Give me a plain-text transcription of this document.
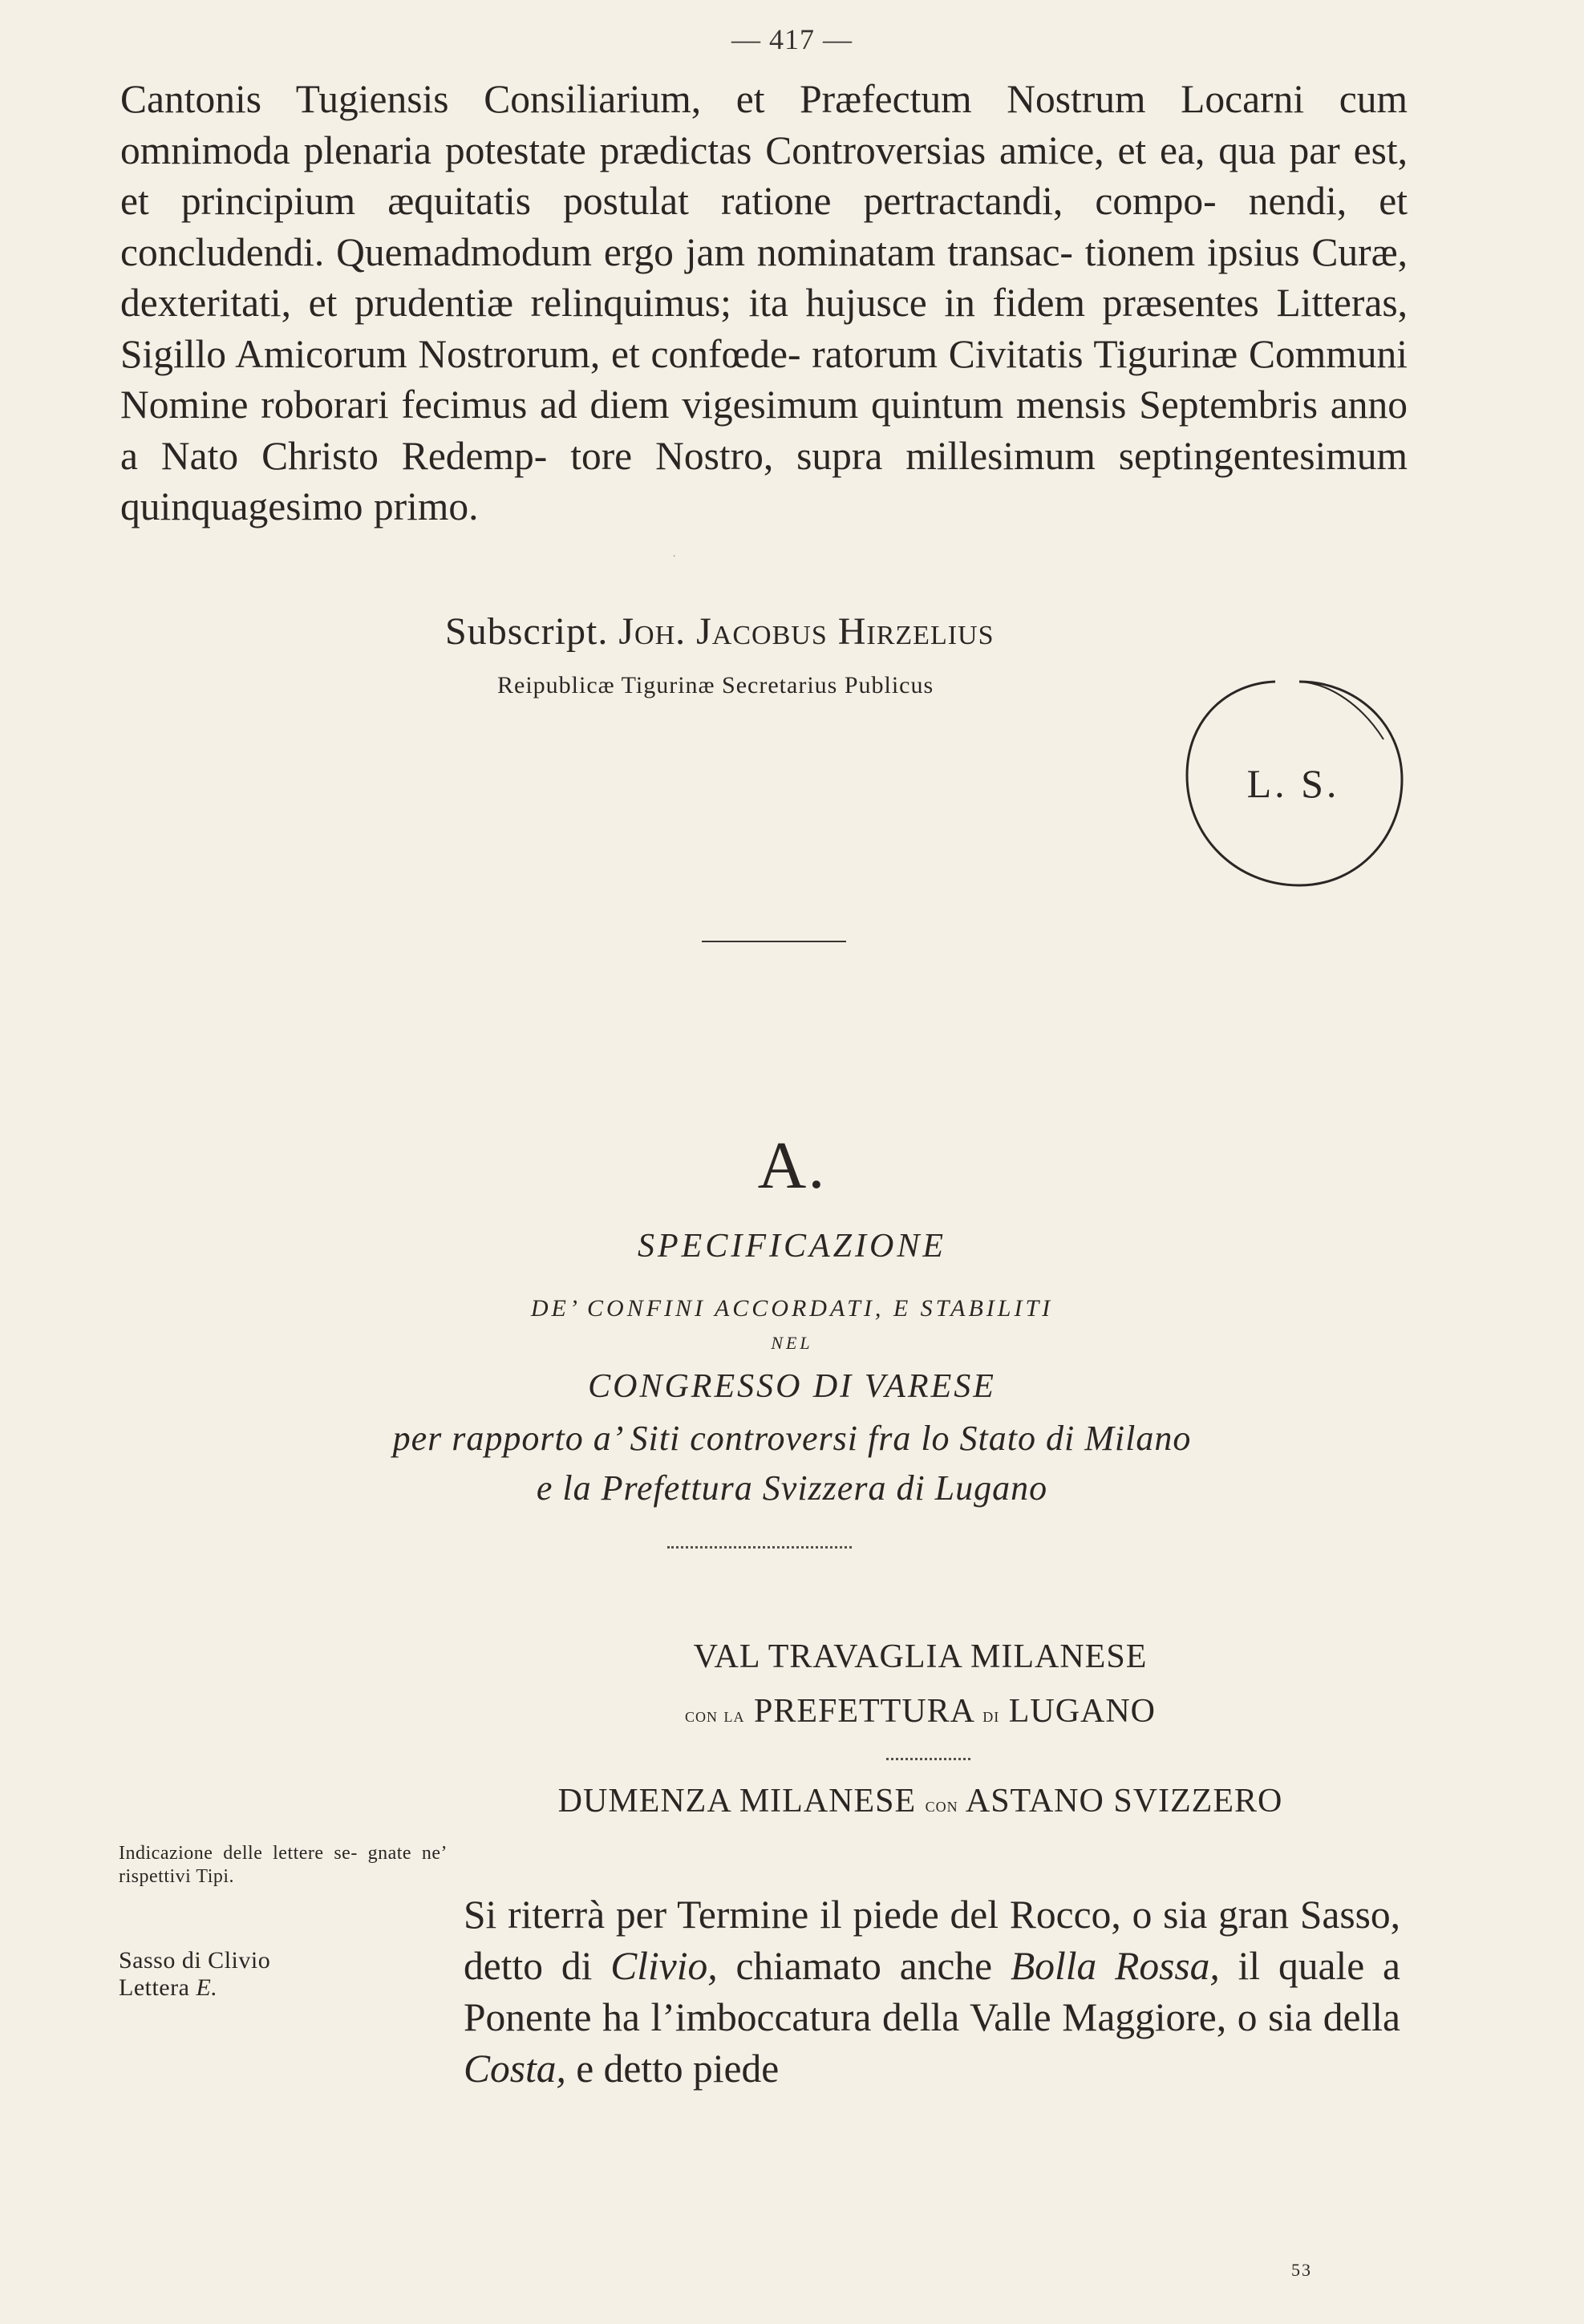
— 417 —
Cantonis Tugiensis Consiliarium, et Præfectum Nostrum Locarni cum omnimoda plenaria potestate prædictas Controversias amice, et ea, qua par est, et principium æquitatis postulat ratione pertractandi, compo- nendi, et concludendi. Quemadmodum ergo jam nominatam transac- tionem ipsius Curæ, dexteritati, et prudentiæ relinquimus; ita hujusce in fidem præsentes Litteras, Sigillo Amicorum Nostrorum, et confœde- ratorum Civitatis Tigurinæ Communi Nomine roborari fecimus ad diem vigesimum quintum mensis Septembris anno a Nato Christo Redemp- tore Nostro, supra millesimum septingentesimum quinquagesimo primo.
˙
Subscript. Joh. Jacobus Hirzelius
Reipublicæ Tigurinæ Secretarius Publicus
L. S.
A.
SPECIFICAZIONE
DE’ CONFINI ACCORDATI, E STABILITI
NEL
CONGRESSO DI VARESE
per rapporto a’ Siti controversi fra lo Stato di Milano
e la Prefettura Svizzera di Lugano
VAL TRAVAGLIA MILANESE
con la PREFETTURA di LUGANO
DUMENZA MILANESE con ASTANO SVIZZERO
Indicazione delle lettere se- gnate ne’ rispettivi Tipi.
Sasso di Clivio
Lettera E.
Si riterrà per Termine il piede del Rocco, o sia gran Sasso, detto di Clivio, chiamato anche Bolla Rossa, il quale a Ponente ha l’imboccatura della Valle Maggiore, o sia della Costa, e detto piede
53
